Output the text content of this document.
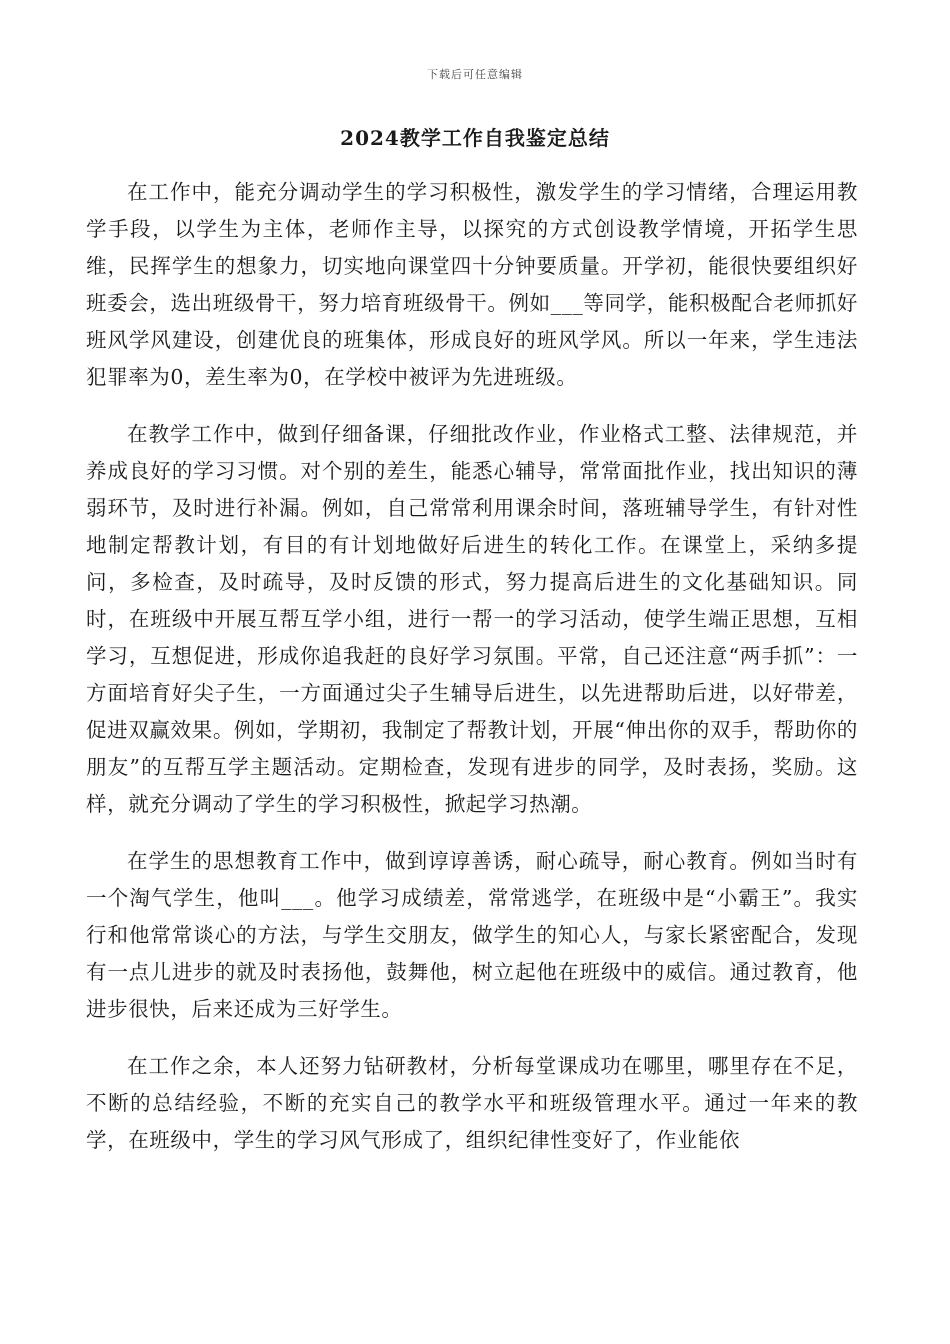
下载后可任意编辑
2024教学工作自我鉴定总结

在工作中，能充分调动学生的学习积极性，激发学生的学习情绪，合理运用教学手段，以学生为主体，老师作主导，以探究的方式创设教学情境，开拓学生思维，民挥学生的想象力，切实地向课堂四十分钟要质量。开学初，能很快要组织好班委会，选出班级骨干，努力培育班级骨干。例如___等同学，能积极配合老师抓好班风学风建设，创建优良的班集体，形成良好的班风学风。所以一年来，学生违法犯罪率为0，差生率为0，在学校中被评为先进班级。

在教学工作中，做到仔细备课，仔细批改作业，作业格式工整、法律规范，并养成良好的学习习惯。对个别的差生，能悉心辅导，常常面批作业，找出知识的薄弱环节，及时进行补漏。例如，自己常常利用课余时间，落班辅导学生，有针对性地制定帮教计划，有目的有计划地做好后进生的转化工作。在课堂上，采纳多提问，多检查，及时疏导，及时反馈的形式，努力提高后进生的文化基础知识。同时，在班级中开展互帮互学小组，进行一帮一的学习活动，使学生端正思想，互相学习，互想促进，形成你追我赶的良好学习氛围。平常，自己还注意“两手抓”：一方面培育好尖子生，一方面通过尖子生辅导后进生，以先进帮助后进，以好带差，促进双赢效果。例如，学期初，我制定了帮教计划，开展“伸出你的双手，帮助你的朋友”的互帮互学主题活动。定期检查，发现有进步的同学，及时表扬，奖励。这样，就充分调动了学生的学习积极性，掀起学习热潮。

在学生的思想教育工作中，做到谆谆善诱，耐心疏导，耐心教育。例如当时有一个淘气学生，他叫___。他学习成绩差，常常逃学，在班级中是“小霸王”。我实行和他常常谈心的方法，与学生交朋友，做学生的知心人，与家长紧密配合，发现有一点儿进步的就及时表扬他，鼓舞他，树立起他在班级中的威信。通过教育，他进步很快，后来还成为三好学生。

在工作之余，本人还努力钻研教材，分析每堂课成功在哪里，哪里存在不足，不断的总结经验，不断的充实自己的教学水平和班级管理水平。通过一年来的教学，在班级中，学生的学习风气形成了，组织纪律性变好了，作业能依
